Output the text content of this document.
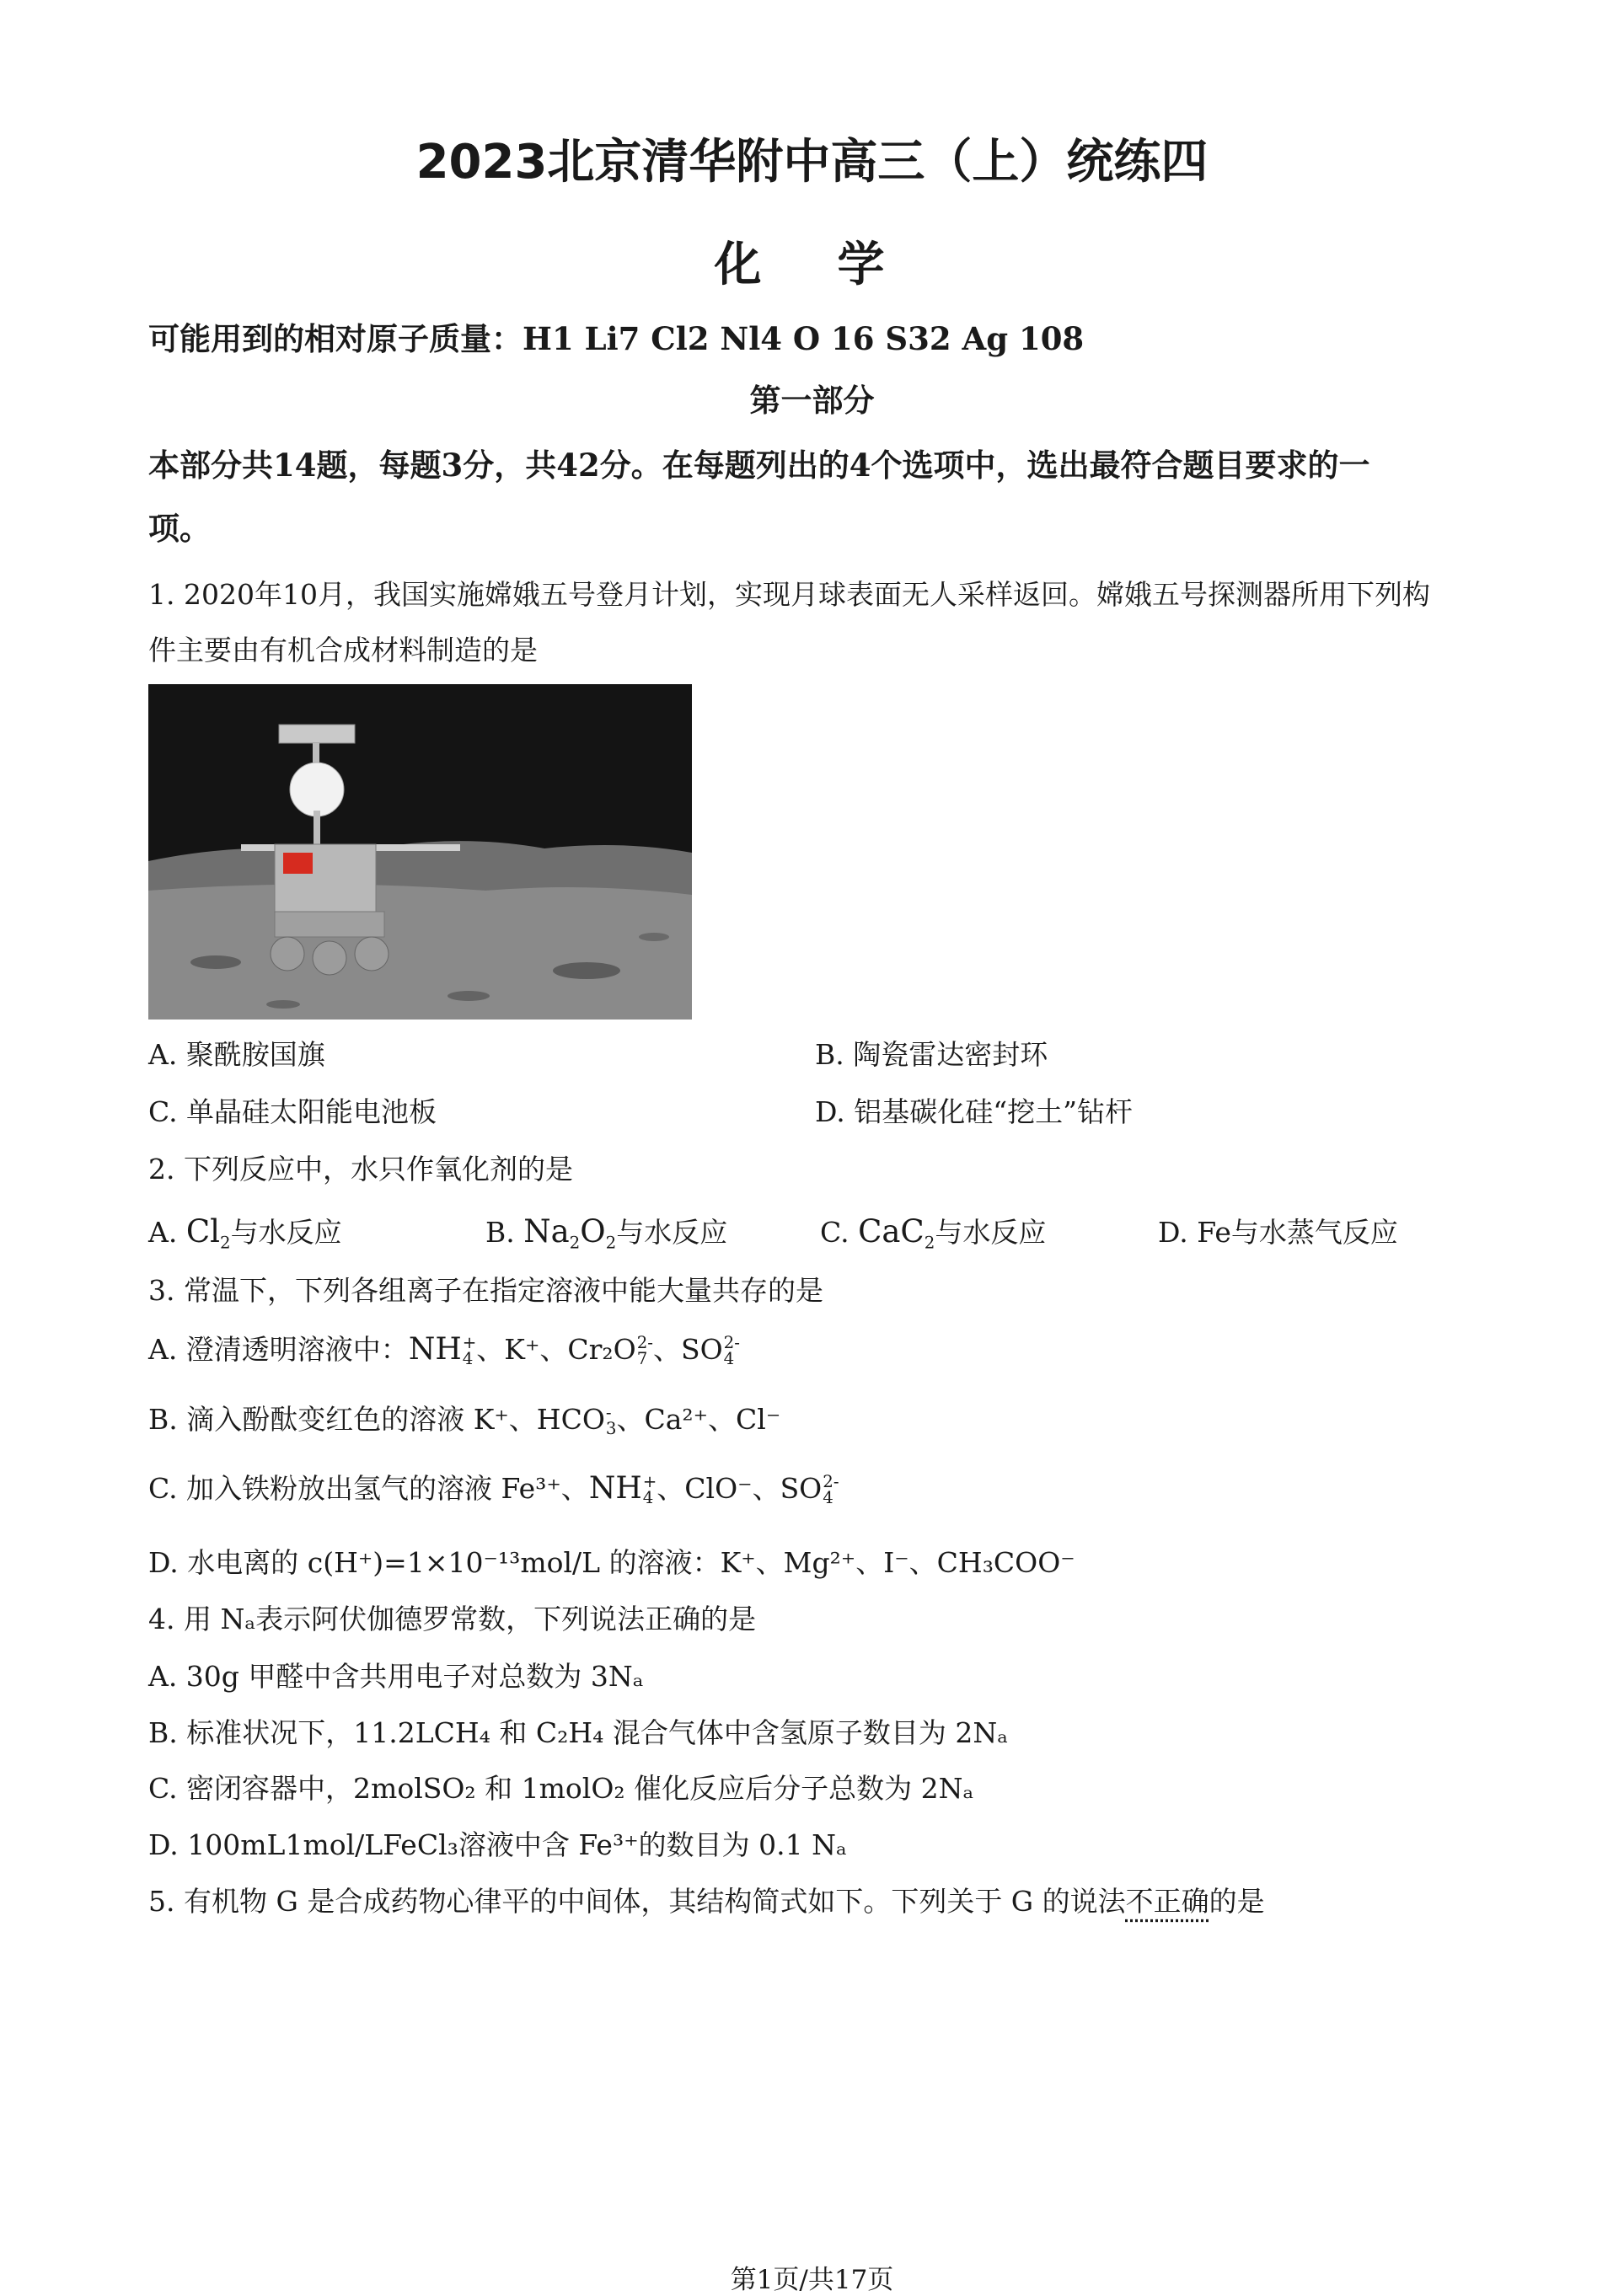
2023北京清华附中高三（上）统练四
化学
可能用到的相对原子质量：H1 Li7 Cl2 Nl4 O 16 S32 Ag 108
第一部分
本部分共14题，每题3分，共42分。在每题列出的4个选项中，选出最符合题目要求的一
项。
1. 2020年10月，我国实施嫦娥五号登月计划，实现月球表面无人采样返回。嫦娥五号探测器所用下列构
件主要由有机合成材料制造的是
A. 聚酰胺国旗	B. 陶瓷雷达密封环
C. 单晶硅太阳能电池板	D. 铝基碳化硅“挖土”钻杆
2. 下列反应中，水只作氧化剂的是
A. $Cl_2$与水反应	B. $Na_2O_2$与水反应	C. CaC$_2$与水反应	D. Fe与水蒸气反应
3. 常温下，下列各组离子在指定溶液中能大量共存的是
A. 澄清透明溶液中：NH +
4 、K⁺、Cr₂O 2-
7 、SO 2-
4
B. 滴入酚酞变红色的溶液 K⁺、HCO -
3 、Ca²⁺、Cl⁻
C. 加入铁粉放出氢气的溶液 Fe³⁺、NH +
4 、ClO⁻、SO 2-
4
D. 水电离的 c(H⁺)=1×10⁻¹³mol/L 的溶液：K⁺、Mg²⁺、I⁻、CH₃COO⁻
4. 用 Nₐ表示阿伏伽德罗常数，下列说法正确的是
A. 30g 甲醛中含共用电子对总数为 3Nₐ
B. 标准状况下，11.2LCH₄ 和 C₂H₄ 混合气体中含氢原子数目为 2Nₐ
C. 密闭容器中，2molSO₂ 和 1molO₂ 催化反应后分子总数为 2Nₐ
D. 100mL1mol/LFeCl₃溶液中含 Fe³⁺的数目为 0.1 Nₐ
5. 有机物 G 是合成药物心律平的中间体，其结构简式如下。下列关于 G 的说法不正确的是
第1页/共17页
